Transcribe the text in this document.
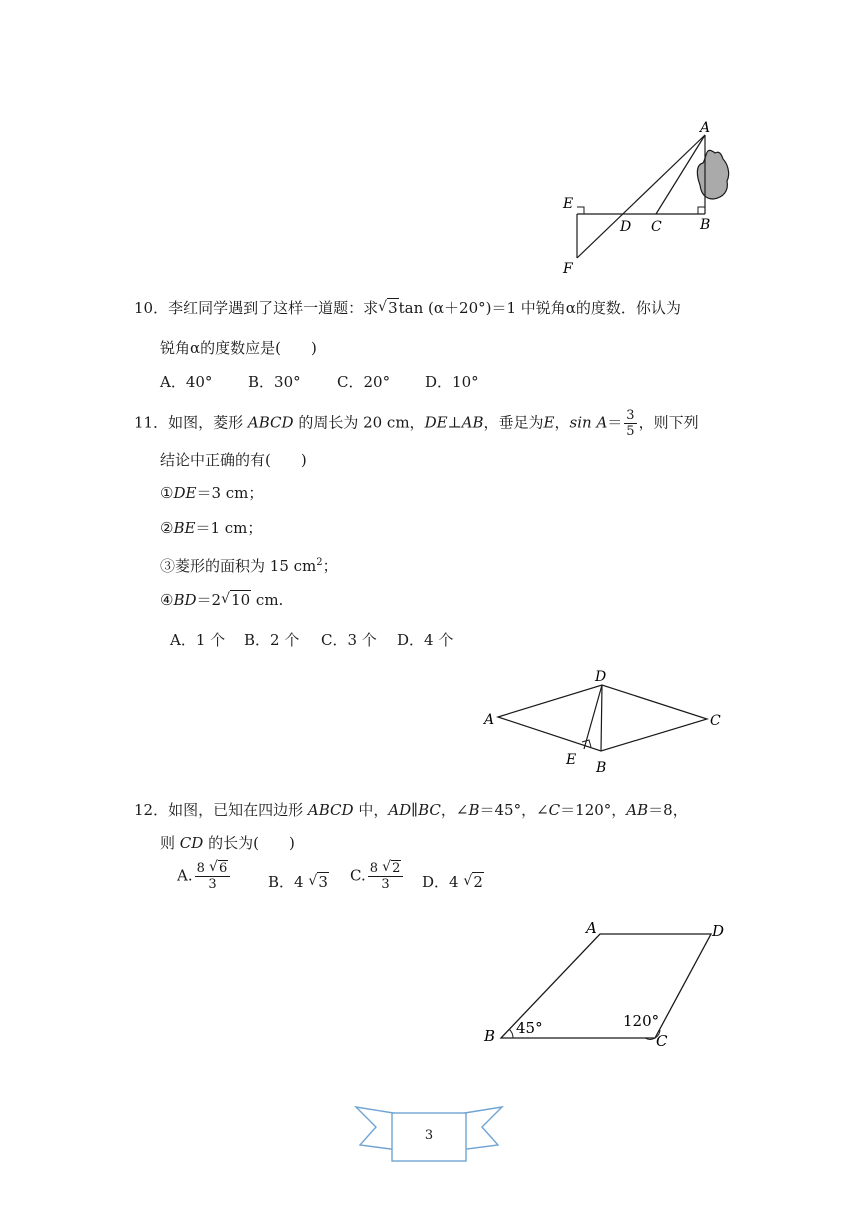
A
E
D C	B
F
10．李红同学遇到了这样一道题：求 √ 3tan (α＋20°)＝1 中锐角α的度数．你认为
锐角α的度数应是(　　)
A．40° B．30° C．20° D．10°
11．如图，菱形 ABCD 的周长为 20 cm，DE⊥AB，垂足为E，$\sin A= \frac{3}{5}$ ，则下列
结论中正确的有(　　)
①DE＝3 cm；
②BE＝1 cm；
③菱形的面积为 15 $cm^2$；
④BD＝2 √ 10 cm.
A．1 个 B．2 个 C．3 个 D．4 个
D
A	C
E B
12．如图，已知在四边形 ABCD 中，AD∥BC，∠B＝45°，∠C＝120°，AB＝8，
则 CD 的长为(　　)
A. $\frac{8 √ 6}{3}$	B．4 √ 3 C. $\frac{8 √ 2}{3}$ D．4 √ 2
A	D
B	C
45°	120°
3
